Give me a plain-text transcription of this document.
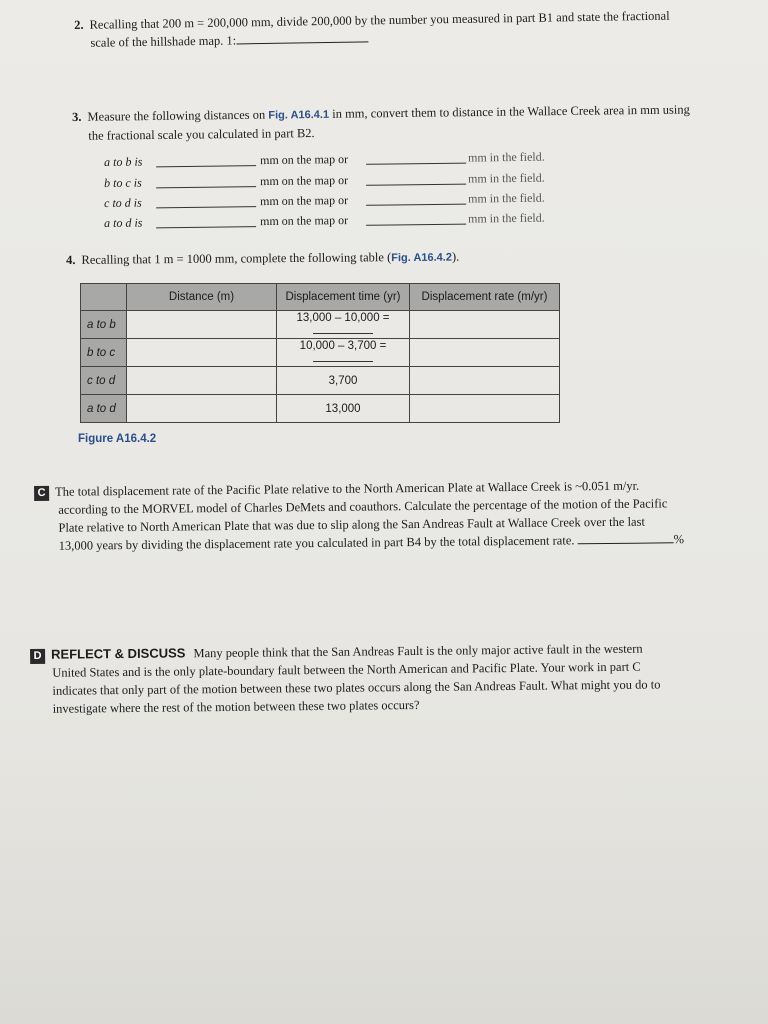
2. Recalling that 200 m = 200,000 mm, divide 200,000 by the number you measured in part B1 and state the fractional
scale of the hillshade map. 1:
3. Measure the following distances on Fig. A16.4.1 in mm, convert them to distance in the Wallace Creek area in mm using
the fractional scale you calculated in part B2.
a to b is	mm on the map or	mm in the field.
b to c is	mm on the map or	mm in the field.
c to d is	mm on the map or	mm in the field.
a to d is	mm on the map or	mm in the field.
4. Recalling that 1 m = 1000 mm, complete the following table (Fig. A16.4.2).
	Distance (m)	Displacement time (yr)	Displacement rate (m/yr)
a to b		13,000 – 10,000 =	
b to c		10,000 – 3,700 =	
c to d		3,700	
a to d		13,000	
Figure A16.4.2
C The total displacement rate of the Pacific Plate relative to the North American Plate at Wallace Creek is ~0.051 m/yr.
according to the MORVEL model of Charles DeMets and coauthors. Calculate the percentage of the motion of the Pacific
Plate relative to North American Plate that was due to slip along the San Andreas Fault at Wallace Creek over the last
13,000 years by dividing the displacement rate you calculated in part B4 by the total displacement rate.	%
D REFLECT & DISCUSS Many people think that the San Andreas Fault is the only major active fault in the western
United States and is the only plate-boundary fault between the North American and Pacific Plate. Your work in part C
indicates that only part of the motion between these two plates occurs along the San Andreas Fault. What might you do to
investigate where the rest of the motion between these two plates occurs?
